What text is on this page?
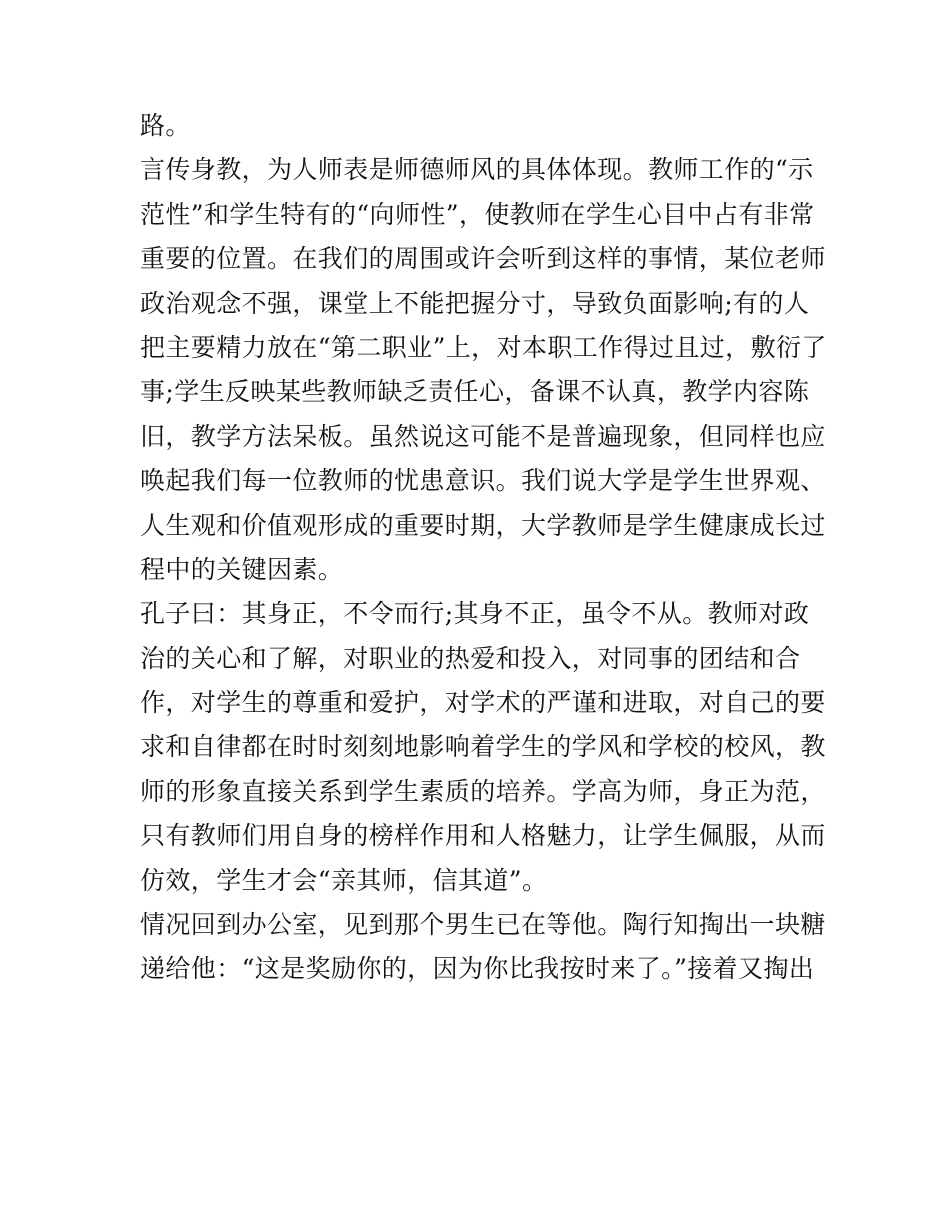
路。
言传身教，为人师表是师德师风的具体体现。教师工作的“示
范性”和学生特有的“向师性”，使教师在学生心目中占有非常
重要的位置。在我们的周围或许会听到这样的事情，某位老师
政治观念不强，课堂上不能把握分寸，导致负面影响;有的人
把主要精力放在“第二职业”上，对本职工作得过且过，敷衍了
事;学生反映某些教师缺乏责任心，备课不认真，教学内容陈
旧，教学方法呆板。虽然说这可能不是普遍现象，但同样也应
唤起我们每一位教师的忧患意识。我们说大学是学生世界观、
人生观和价值观形成的重要时期，大学教师是学生健康成长过
程中的关键因素。
孔子曰：其身正，不令而行;其身不正，虽令不从。教师对政
治的关心和了解，对职业的热爱和投入，对同事的团结和合
作，对学生的尊重和爱护，对学术的严谨和进取，对自己的要
求和自律都在时时刻刻地影响着学生的学风和学校的校风，教
师的形象直接关系到学生素质的培养。学高为师，身正为范，
只有教师们用自身的榜样作用和人格魅力，让学生佩服，从而
仿效，学生才会“亲其师，信其道”。
情况回到办公室，见到那个男生已在等他。陶行知掏出一块糖
递给他：“这是奖励你的，因为你比我按时来了。”接着又掏出
